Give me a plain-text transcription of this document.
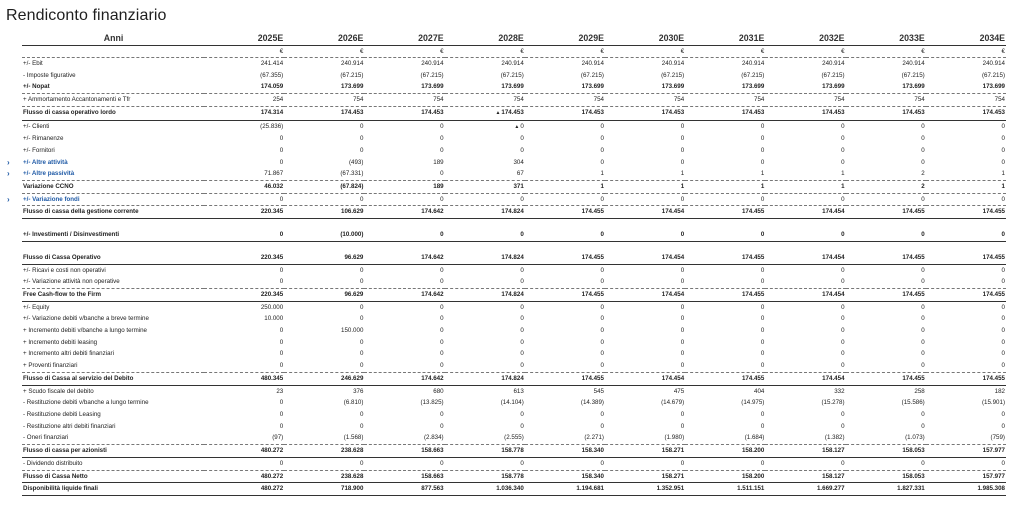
Rendiconto finanziario
Anni	2025E	2026E	2027E	2028E	2029E	2030E	2031E	2032E	2033E	2034E
	€	€	€	€	€	€	€	€	€	€
+/- Ebit	241.414	240.914	240.914	240.914	240.914	240.914	240.914	240.914	240.914	240.914
- Imposte figurative	(67.355)	(67.215)	(67.215)	(67.215)	(67.215)	(67.215)	(67.215)	(67.215)	(67.215)	(67.215)
+/- Nopat	174.059	173.699	173.699	173.699	173.699	173.699	173.699	173.699	173.699	173.699
+ Ammortamento Accantonamenti e Tfr	254	754	754	754	754	754	754	754	754	754
Flusso di cassa operativo lordo	174.314	174.453	174.453	▲174.453	174.453	174.453	174.453	174.453	174.453	174.453
+/- Clienti	(25.836)	0	0	▲0	0	0	0	0	0	0
+/- Rimanenze	0	0	0	0	0	0	0	0	0	0
+/- Fornitori	0	0	0	0	0	0	0	0	0	0

› +/- Altre attività	0	(493)	189	304	0	0	0	0	0	0

› +/- Altre passività	71.867	(67.331)	0	67	1	1	1	1	2	1
Variazione CCNO	46.032	(67.824)	189	371	1	1	1	1	2	1

› +/- Variazione fondi	0	0	0	0	0	0	0	0	0	0
Flusso di cassa della gestione corrente	220.345	106.629	174.642	174.824	174.455	174.454	174.455	174.454	174.455	174.455

+/- Investimenti / Disinvestimenti	0	(10.000)	0	0	0	0	0	0	0	0

Flusso di Cassa Operativo	220.345	96.629	174.642	174.824	174.455	174.454	174.455	174.454	174.455	174.455
+/- Ricavi e costi non operativi	0	0	0	0	0	0	0	0	0	0
+/- Variazione attività non operative	0	0	0	0	0	0	0	0	0	0
Free Cash-flow to the Firm	220.345	96.629	174.642	174.824	174.455	174.454	174.455	174.454	174.455	174.455
+/- Equity	250.000	0	0	0	0	0	0	0	0	0
+/- Variazione debiti v/banche a breve termine	10.000	0	0	0	0	0	0	0	0	0
+ Incremento debiti v/banche a lungo termine	0	150.000	0	0	0	0	0	0	0	0
+ Incremento debiti leasing	0	0	0	0	0	0	0	0	0	0
+ Incremento altri debiti finanziari	0	0	0	0	0	0	0	0	0	0
+ Proventi finanziari	0	0	0	0	0	0	0	0	0	0
Flusso di Cassa al servizio del Debito	480.345	246.629	174.642	174.824	174.455	174.454	174.455	174.454	174.455	174.455
+ Scudo fiscale del debito	23	376	680	613	545	475	404	332	258	182
- Restituzione debiti v/banche a lungo termine	0	(6.810)	(13.825)	(14.104)	(14.389)	(14.679)	(14.975)	(15.278)	(15.586)	(15.901)
- Restituzione debiti Leasing	0	0	0	0	0	0	0	0	0	0
- Restituzione altri debiti finanziari	0	0	0	0	0	0	0	0	0	0
- Oneri finanziari	(97)	(1.568)	(2.834)	(2.555)	(2.271)	(1.980)	(1.684)	(1.382)	(1.073)	(759)
Flusso di cassa per azionisti	480.272	238.628	158.663	158.778	158.340	158.271	158.200	158.127	158.053	157.977
- Dividendo distribuito	0	0	0	0	0	0	0	0	0	0
Flusso di Cassa Netto	480.272	238.628	158.663	158.778	158.340	158.271	158.200	158.127	158.053	157.977
Disponibilità liquide finali	480.272	718.900	877.563	1.036.340	1.194.681	1.352.951	1.511.151	1.669.277	1.827.331	1.985.308
